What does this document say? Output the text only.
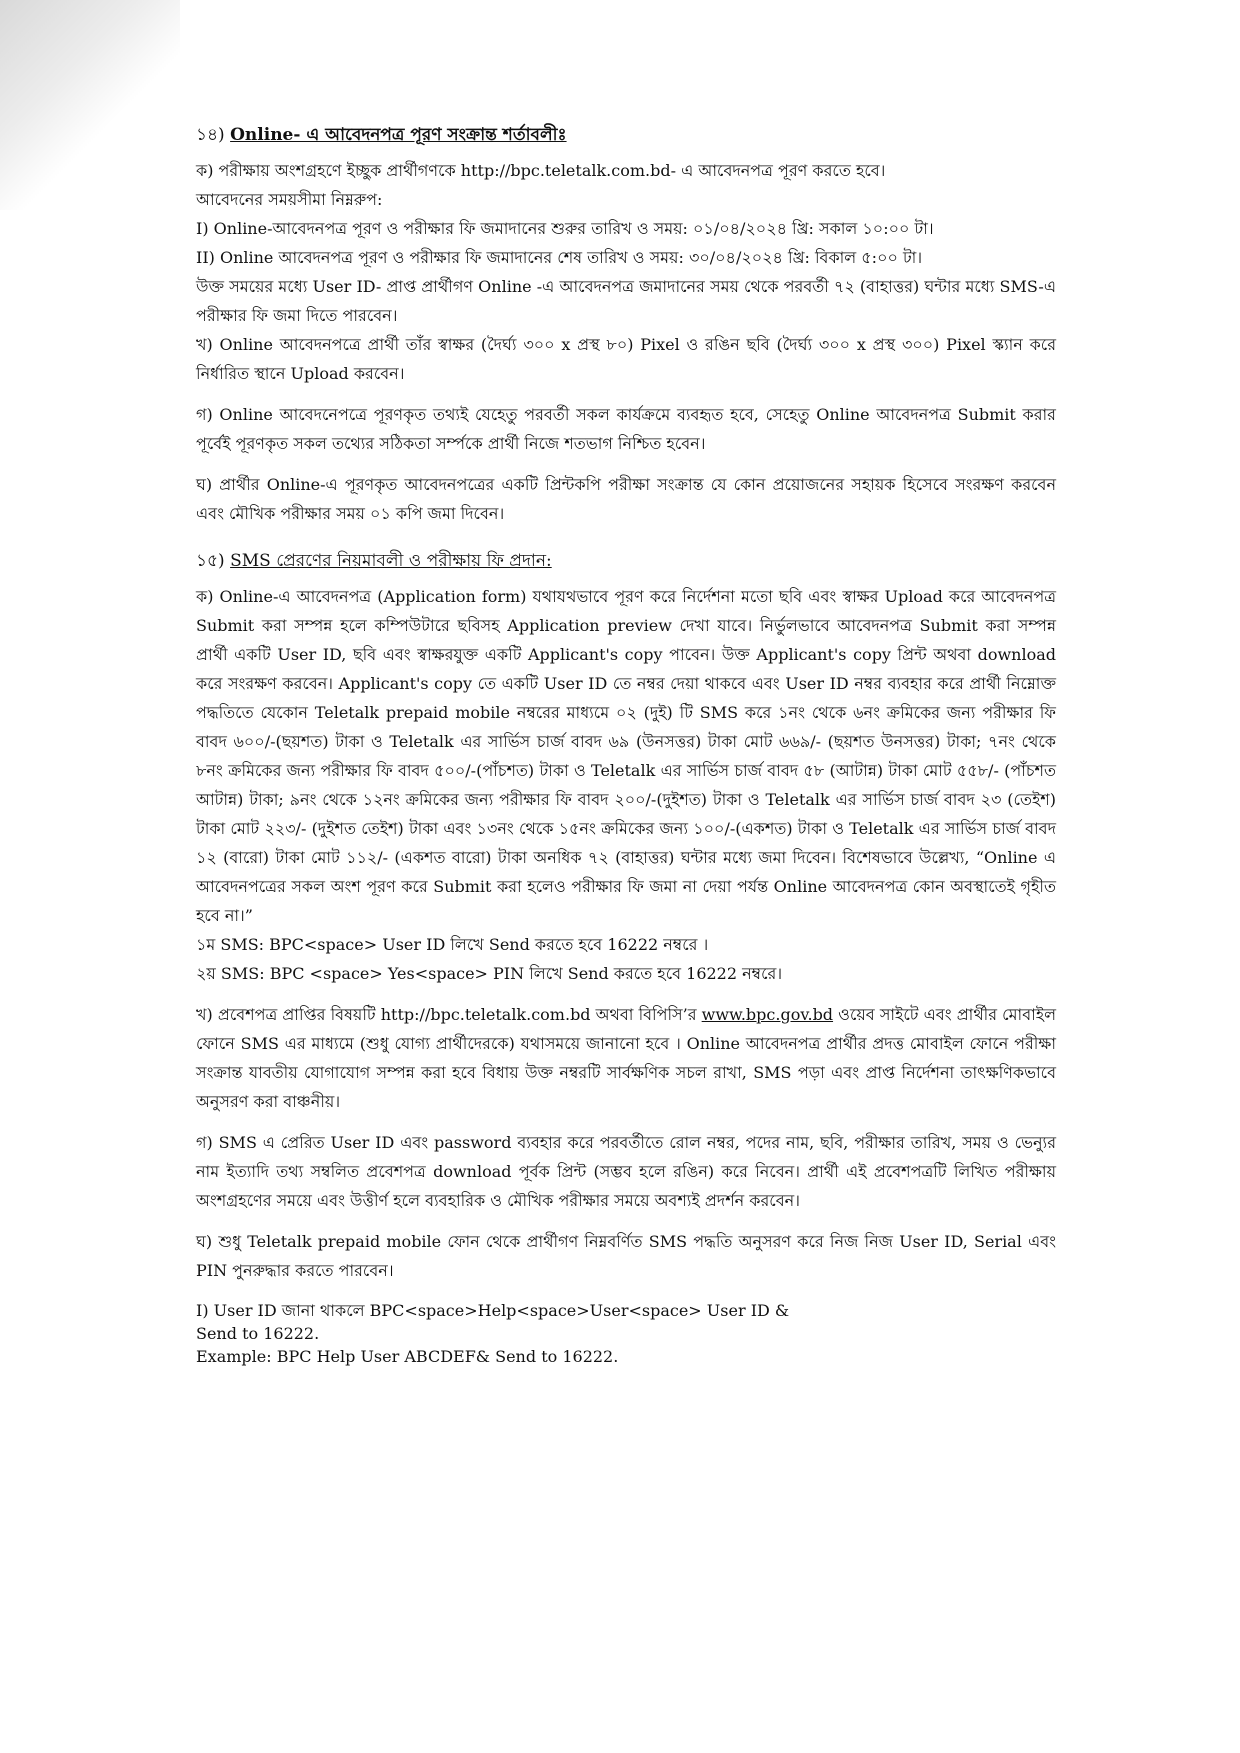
১৪) Online- এ আবেদনপত্র পূরণ সংক্রান্ত শর্তাবলীঃ

ক) পরীক্ষায় অংশগ্রহণে ইচ্ছুক প্রার্থীগণকে http://bpc.teletalk.com.bd- এ আবেদনপত্র পূরণ করতে হবে।

আবেদনের সময়সীমা নিম্নরুপ:

I) Online-আবেদনপত্র পূরণ ও পরীক্ষার ফি জমাদানের শুরুর তারিখ ও সময়: ০১/০৪/২০২৪ খ্রি: সকাল ১০:০০ টা।

II) Online আবেদনপত্র পূরণ ও পরীক্ষার ফি জমাদানের শেষ তারিখ ও সময়: ৩০/০৪/২০২৪ খ্রি: বিকাল ৫:০০ টা।

উক্ত সময়ের মধ্যে User ID- প্রাপ্ত প্রার্থীগণ Online -এ আবেদনপত্র জমাদানের সময় থেকে পরবর্তী ৭২ (বাহাত্তর) ঘন্টার মধ্যে SMS-এ পরীক্ষার ফি জমা দিতে পারবেন।

খ) Online আবেদনপত্রে প্রার্থী তাঁর স্বাক্ষর (দৈর্ঘ্য ৩০০ x প্রস্থ ৮০) Pixel ও রঙিন ছবি (দৈর্ঘ্য ৩০০ x প্রস্থ ৩০০) Pixel স্ক্যান করে নির্ধারিত স্থানে Upload করবেন।

গ) Online আবেদনেপত্রে পূরণকৃত তথ্যই যেহেতু পরবর্তী সকল কার্যক্রমে ব্যবহৃত হবে, সেহেতু Online আবেদনপত্র Submit করার পূর্বেই পূরণকৃত সকল তথ্যের সঠিকতা সর্ম্পকে প্রার্থী নিজে শতভাগ নিশ্চিত হবেন।

ঘ) প্রার্থীর Online-এ পূরণকৃত আবেদনপত্রের একটি প্রিন্টকপি পরীক্ষা সংক্রান্ত যে কোন প্রয়োজনের সহায়ক হিসেবে সংরক্ষণ করবেন এবং মৌখিক পরীক্ষার সময় ০১ কপি জমা দিবেন।

১৫) SMS প্রেরণের নিয়মাবলী ও পরীক্ষায় ফি প্রদান:

ক) Online-এ আবেদনপত্র (Application form) যথাযথভাবে পূরণ করে নির্দেশনা মতো ছবি এবং স্বাক্ষর Upload করে আবেদনপত্র Submit করা সম্পন্ন হলে কম্পিউটারে ছবিসহ Application preview দেখা যাবে। নির্ভুলভাবে আবেদনপত্র Submit করা সম্পন্ন প্রার্থী একটি User ID, ছবি এবং স্বাক্ষরযুক্ত একটি Applicant's copy পাবেন। উক্ত Applicant's copy প্রিন্ট অথবা download করে সংরক্ষণ করবেন। Applicant's copy তে একটি User ID তে নম্বর দেয়া থাকবে এবং User ID নম্বর ব্যবহার করে প্রার্থী নিম্নোক্ত পদ্ধতিতে যেকোন Teletalk prepaid mobile নম্বরের মাধ্যমে ০২ (দুই) টি SMS করে ১নং থেকে ৬নং ক্রমিকের জন্য পরীক্ষার ফি বাবদ ৬০০/-(ছয়শত) টাকা ও Teletalk এর সার্ভিস চার্জ বাবদ ৬৯ (উনসত্তর) টাকা মোট ৬৬৯/- (ছয়শত উনসত্তর) টাকা; ৭নং থেকে ৮নং ক্রমিকের জন্য পরীক্ষার ফি বাবদ ৫০০/-(পাঁচশত) টাকা ও Teletalk এর সার্ভিস চার্জ বাবদ ৫৮ (আটান্ন) টাকা মোট ৫৫৮/- (পাঁচশত আটান্ন) টাকা; ৯নং থেকে ১২নং ক্রমিকের জন্য পরীক্ষার ফি বাবদ ২০০/-(দুইশত) টাকা ও Teletalk এর সার্ভিস চার্জ বাবদ ২৩ (তেইশ) টাকা মোট ২২৩/- (দুইশত তেইশ) টাকা এবং ১৩নং থেকে ১৫নং ক্রমিকের জন্য ১০০/-(একশত) টাকা ও Teletalk এর সার্ভিস চার্জ বাবদ ১২ (বারো) টাকা মোট ১১২/- (একশত বারো) টাকা অনধিক ৭২ (বাহাত্তর) ঘন্টার মধ্যে জমা দিবেন। বিশেষভাবে উল্লেখ্য, “Online এ আবেদনপত্রের সকল অংশ পূরণ করে Submit করা হলেও পরীক্ষার ফি জমা না দেয়া পর্যন্ত Online আবেদনপত্র কোন অবস্থাতেই গৃহীত হবে না।”

১ম SMS: BPC<space> User ID লিখে Send করতে হবে 16222 নম্বরে ।

২য় SMS: BPC <space> Yes<space> PIN লিখে Send করতে হবে 16222 নম্বরে।

খ) প্রবেশপত্র প্রাপ্তির বিষয়টি http://bpc.teletalk.com.bd অথবা বিপিসি’র www.bpc.gov.bd ওয়েব সাইটে এবং প্রার্থীর মোবাইল ফোনে SMS এর মাধ্যমে (শুধু যোগ্য প্রার্থীদেরকে) যথাসময়ে জানানো হবে । Online আবেদনপত্র প্রার্থীর প্রদত্ত মোবাইল ফোনে পরীক্ষা সংক্রান্ত যাবতীয় যোগাযোগ সম্পন্ন করা হবে বিধায় উক্ত নম্বরটি সার্বক্ষণিক সচল রাখা, SMS পড়া এবং প্রাপ্ত নির্দেশনা তাৎক্ষণিকভাবে অনুসরণ করা বাঞ্চনীয়।

গ) SMS এ প্রেরিত User ID এবং password ব্যবহার করে পরবর্তীতে রোল নম্বর, পদের নাম, ছবি, পরীক্ষার তারিখ, সময় ও ভেন্যুর নাম ইত্যাদি তথ্য সম্বলিত প্রবেশপত্র download পূর্বক প্রিন্ট (সম্ভব হলে রঙিন) করে নিবেন। প্রার্থী এই প্রবেশপত্রটি লিখিত পরীক্ষায় অংশগ্রহণের সময়ে এবং উত্তীর্ণ হলে ব্যবহারিক ও মৌখিক পরীক্ষার সময়ে অবশ্যই প্রদর্শন করবেন।

ঘ) শুধু Teletalk prepaid mobile ফোন থেকে প্রার্থীগণ নিম্নবর্ণিত SMS পদ্ধতি অনুসরণ করে নিজ নিজ User ID, Serial এবং PIN পুনরুদ্ধার করতে পারবেন।

I) User ID জানা থাকলে BPC<space>Help<space>User<space> User ID &

Send to 16222.

Example: BPC Help User ABCDEF& Send to 16222.
